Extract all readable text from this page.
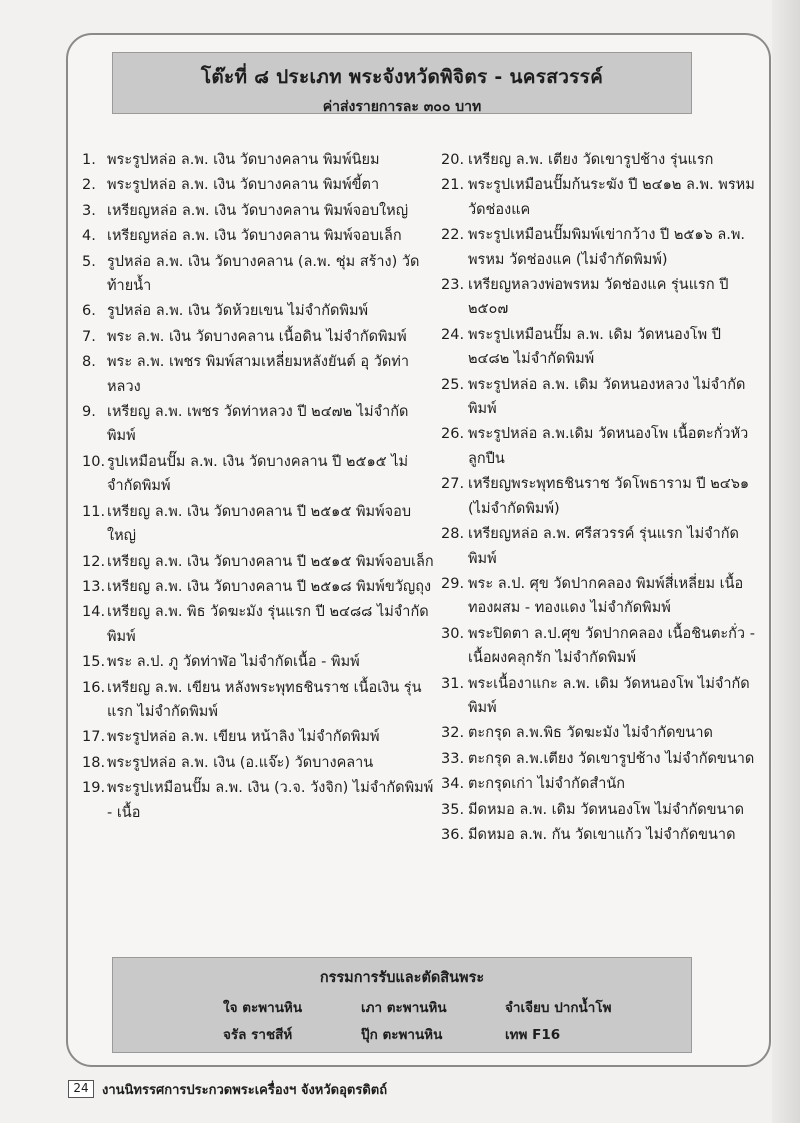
โต๊ะที่ ๘ ประเภท พระจังหวัดพิจิตร - นครสวรรค์
ค่าส่งรายการละ ๓๐๐ บาท
1. พระรูปหล่อ ล.พ. เงิน วัดบางคลาน พิมพ์นิยม
2. พระรูปหล่อ ล.พ. เงิน วัดบางคลาน พิมพ์ขี้ตา
3. เหรียญหล่อ ล.พ. เงิน วัดบางคลาน พิมพ์จอบใหญ่
4. เหรียญหล่อ ล.พ. เงิน วัดบางคลาน พิมพ์จอบเล็ก
5. รูปหล่อ ล.พ. เงิน วัดบางคลาน (ล.พ. ชุ่ม สร้าง) วัดท้ายน้ำ
6. รูปหล่อ ล.พ. เงิน วัดห้วยเขน ไม่จำกัดพิมพ์
7. พระ ล.พ. เงิน วัดบางคลาน เนื้อดิน ไม่จำกัดพิมพ์
8. พระ ล.พ. เพชร พิมพ์สามเหลี่ยมหลังยันต์ อุ วัดท่าหลวง
9. เหรียญ ล.พ. เพชร วัดท่าหลวง ปี ๒๔๗๒ ไม่จำกัดพิมพ์
10. รูปเหมือนปั๊ม ล.พ. เงิน วัดบางคลาน ปี ๒๕๑๕ ไม่จำกัดพิมพ์
11. เหรียญ ล.พ. เงิน วัดบางคลาน ปี ๒๕๑๕ พิมพ์จอบใหญ่
12. เหรียญ ล.พ. เงิน วัดบางคลาน ปี ๒๕๑๕ พิมพ์จอบเล็ก
13. เหรียญ ล.พ. เงิน วัดบางคลาน ปี ๒๕๑๘ พิมพ์ขวัญถุง
14. เหรียญ ล.พ. พิธ วัดฆะมัง รุ่นแรก ปี ๒๔๘๘ ไม่จำกัดพิมพ์
15. พระ ล.ป. ภู วัดท่าฬ่อ ไม่จำกัดเนื้อ - พิมพ์
16. เหรียญ ล.พ. เขียน หลังพระพุทธชินราช เนื้อเงิน รุ่นแรก ไม่จำกัดพิมพ์
17. พระรูปหล่อ ล.พ. เขียน หน้าลิง ไม่จำกัดพิมพ์
18. พระรูปหล่อ ล.พ. เงิน (อ.แจ๊ะ) วัดบางคลาน
19. พระรูปเหมือนปั๊ม ล.พ. เงิน (ว.จ. วังจิก) ไม่จำกัดพิมพ์ - เนื้อ
20. เหรียญ ล.พ. เตียง วัดเขารูปช้าง รุ่นแรก
21. พระรูปเหมือนปั๊มก้นระฆัง ปี ๒๔๑๒ ล.พ. พรหม วัดช่องแค
22. พระรูปเหมือนปั๊มพิมพ์เข่ากว้าง ปี ๒๕๑๖ ล.พ. พรหม วัดช่องแค (ไม่จำกัดพิมพ์)
23. เหรียญหลวงพ่อพรหม วัดช่องแค รุ่นแรก ปี ๒๕๐๗
24. พระรูปเหมือนปั๊ม ล.พ. เดิม วัดหนองโพ ปี ๒๔๘๒ ไม่จำกัดพิมพ์
25. พระรูปหล่อ ล.พ. เดิม วัดหนองหลวง ไม่จำกัดพิมพ์
26. พระรูปหล่อ ล.พ.เดิม วัดหนองโพ เนื้อตะกั่วหัวลูกปืน
27. เหรียญพระพุทธชินราช วัดโพธาราม ปี ๒๔๖๑ (ไม่จำกัดพิมพ์)
28. เหรียญหล่อ ล.พ. ศรีสวรรค์ รุ่นแรก ไม่จำกัดพิมพ์
29. พระ ล.ป. ศุข วัดปากคลอง พิมพ์สี่เหลี่ยม เนื้อทองผสม - ทองแดง ไม่จำกัดพิมพ์
30. พระปิดตา ล.ป.ศุข วัดปากคลอง เนื้อชินตะกั่ว - เนื้อผงคลุกรัก ไม่จำกัดพิมพ์
31. พระเนื้องาแกะ ล.พ. เดิม วัดหนองโพ ไม่จำกัดพิมพ์
32. ตะกรุด ล.พ.พิธ วัดฆะมัง ไม่จำกัดขนาด
33. ตะกรุด ล.พ.เตียง วัดเขารูปช้าง ไม่จำกัดขนาด
34. ตะกรุดเก่า ไม่จำกัดสำนัก
35. มีดหมอ ล.พ. เดิม วัดหนองโพ ไม่จำกัดขนาด
36. มีดหมอ ล.พ. กัน วัดเขาแก้ว ไม่จำกัดขนาด
กรรมการรับและตัดสินพระ
ใจ ตะพานหิน	เภา ตะพานหิน	จำเจียบ ปากน้ำโพ
จรัล ราชสีห์	ปุ๊ก ตะพานหิน	เทพ F16
24	งานนิทรรศการประกวดพระเครื่องฯ จังหวัดอุตรดิตถ์
